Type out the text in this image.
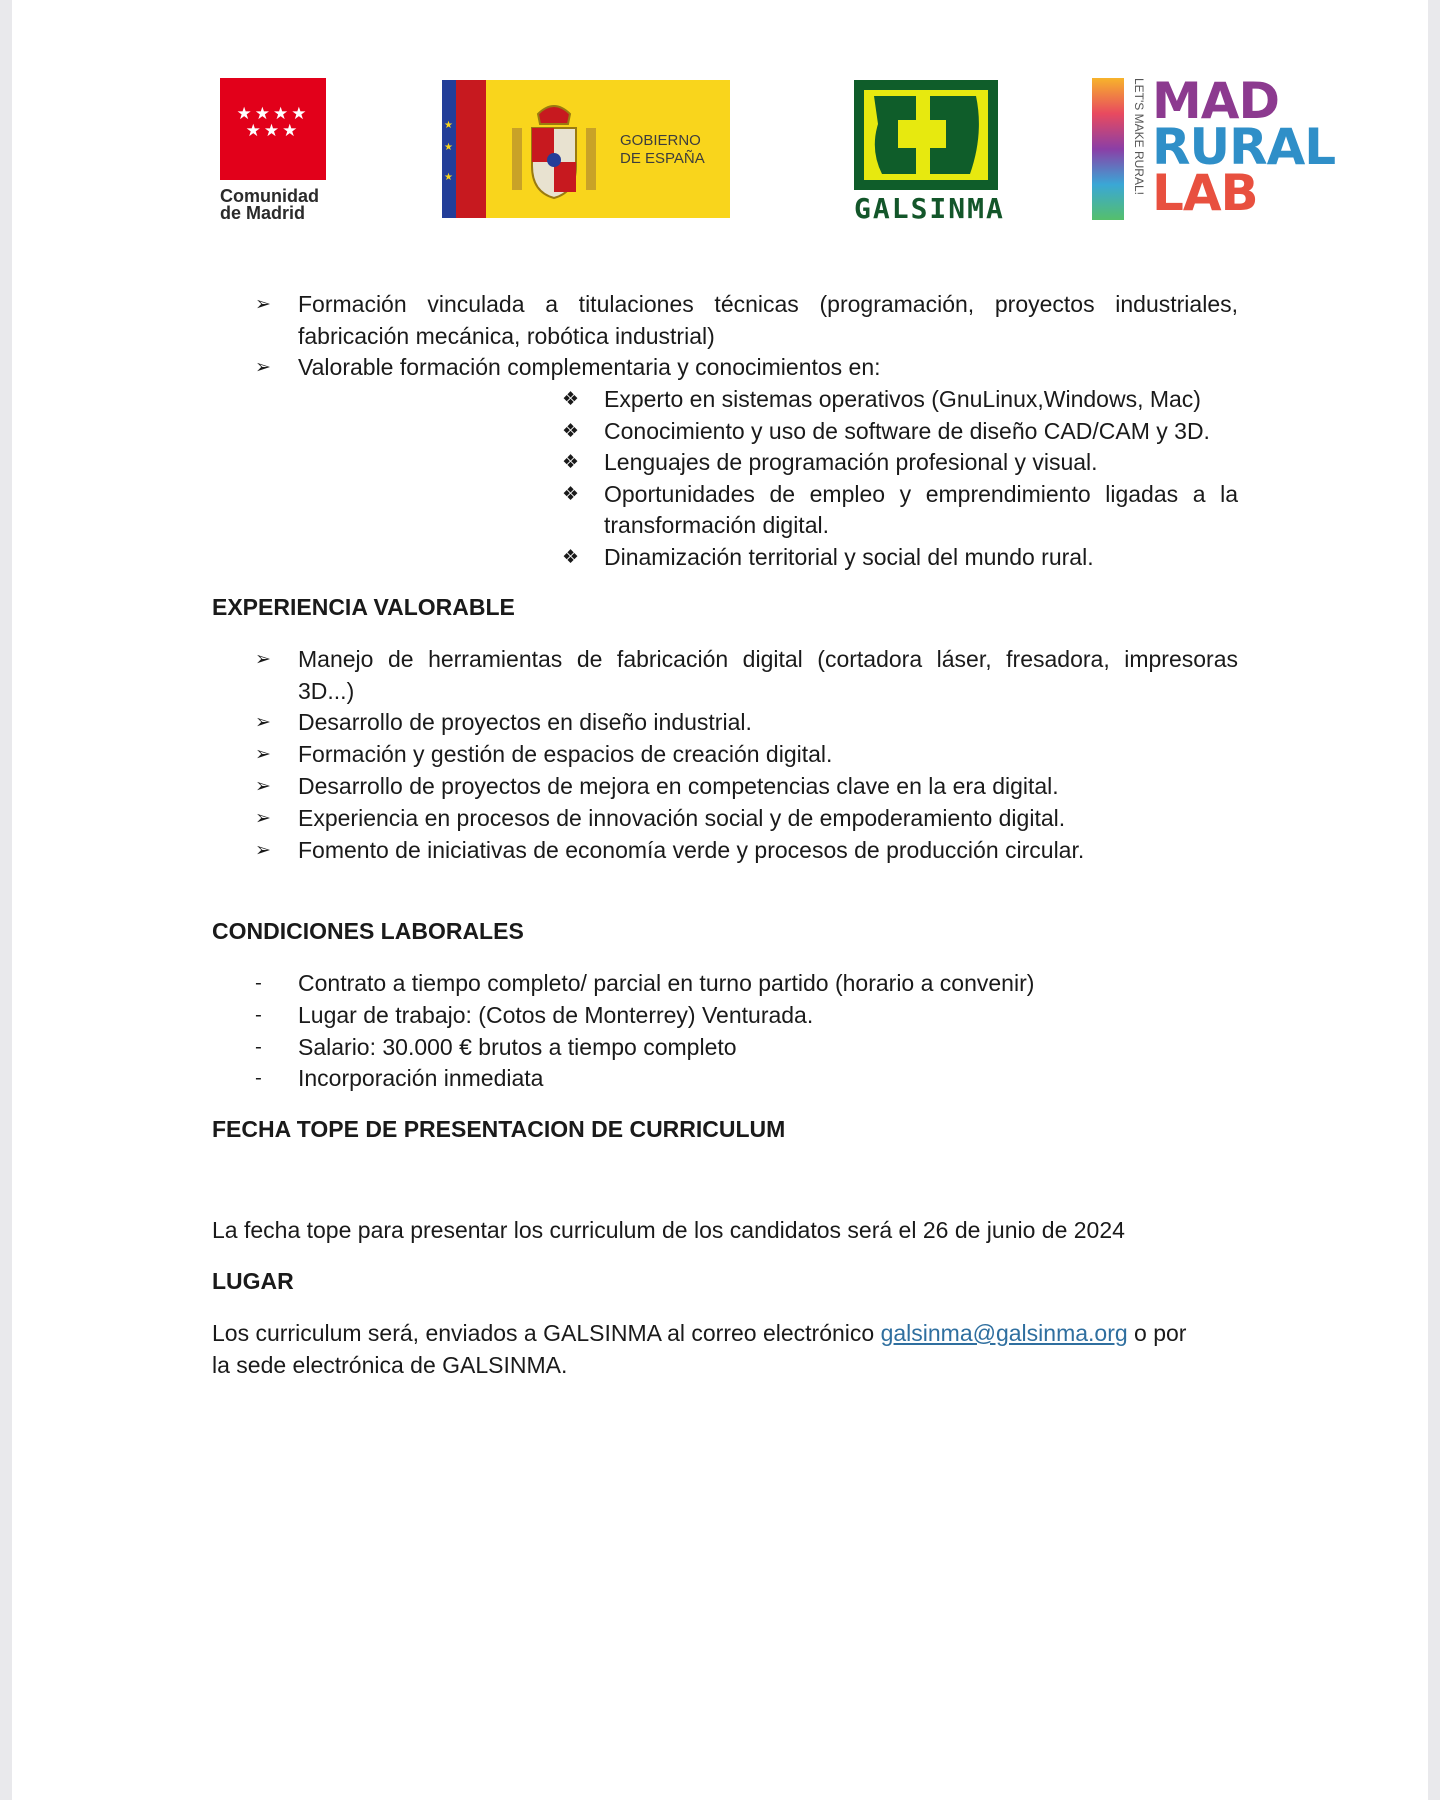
★★★★
★★★
Comunidad
de Madrid
★
★
★
GOBIERNO
DE ESPAÑA
GALSINMA
LET'S MAKE RURAL! MAD
RURAL
LAB
➢ Formación vinculada a titulaciones técnicas (programación, proyectos industriales,
fabricación mecánica, robótica industrial)
➢ Valorable formación complementaria y conocimientos en:
❖ Experto en sistemas operativos (GnuLinux,Windows, Mac)
❖ Conocimiento y uso de software de diseño CAD/CAM y 3D.
❖ Lenguajes de programación profesional y visual.
❖ Oportunidades de empleo y emprendimiento ligadas a la
transformación digital.
❖ Dinamización territorial y social del mundo rural.
EXPERIENCIA VALORABLE
➢ Manejo de herramientas de fabricación digital (cortadora láser, fresadora, impresoras
3D...)
➢ Desarrollo de proyectos en diseño industrial.
➢ Formación y gestión de espacios de creación digital.
➢ Desarrollo de proyectos de mejora en competencias clave en la era digital.
➢ Experiencia en procesos de innovación social y de empoderamiento digital.
➢ Fomento de iniciativas de economía verde y procesos de producción circular.
CONDICIONES LABORALES
- Contrato a tiempo completo/ parcial en turno partido (horario a convenir)
- Lugar de trabajo: (Cotos de Monterrey) Venturada.
- Salario: 30.000 € brutos a tiempo completo
- Incorporación inmediata
FECHA TOPE DE PRESENTACION DE CURRICULUM
La fecha tope para presentar los curriculum de los candidatos será el 26 de junio de 2024
LUGAR
Los curriculum será, enviados a GALSINMA al correo electrónico galsinma@galsinma.org o por
la sede electrónica de GALSINMA.
